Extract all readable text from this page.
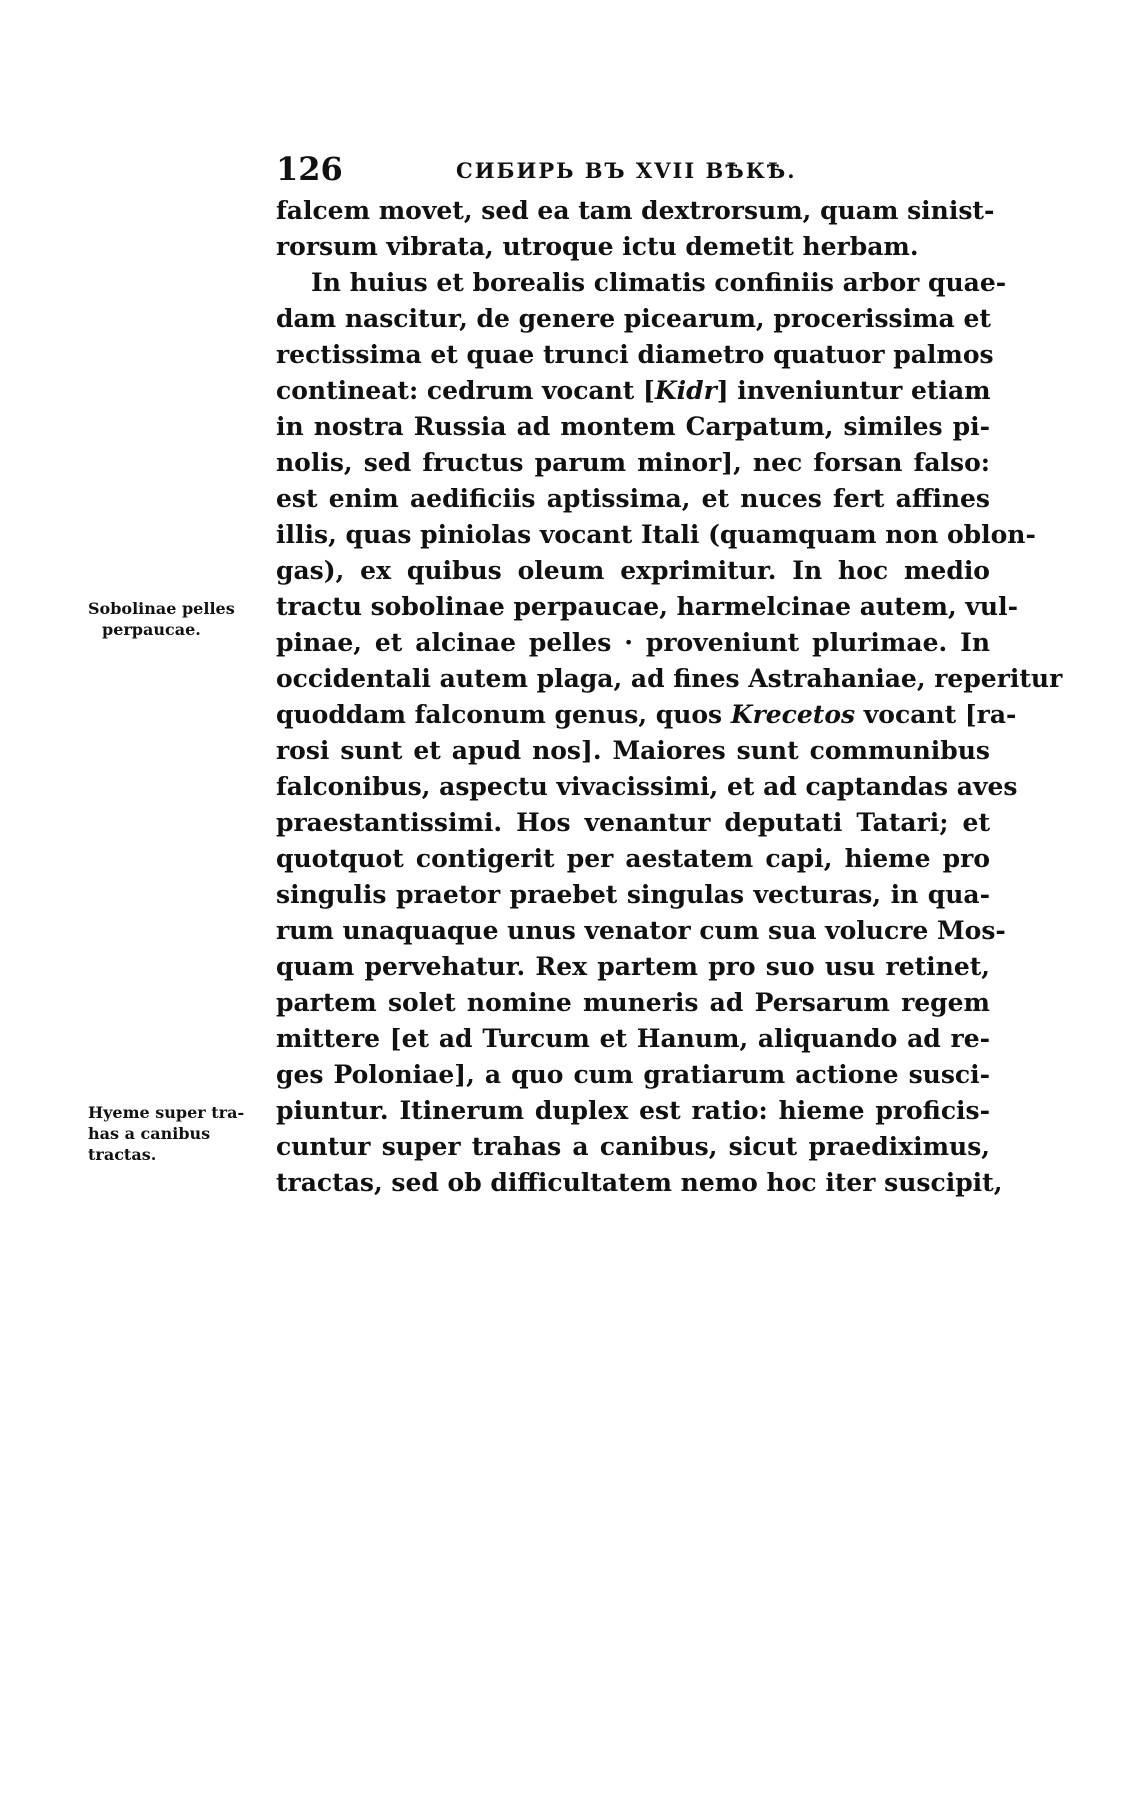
126	СИБИРЬ ВЪ XVII ВѢКѢ.
falcem movet, sed ea tam dextrorsum, quam sinist-
rorsum vibrata, utroque ictu demetit herbam.
In huius et borealis climatis confiniis arbor quae-
dam nascitur, de genere picearum, procerissima et
rectissima et quae trunci diametro quatuor palmos
contineat: cedrum vocant [Kidr] inveniuntur etiam
in nostra Russia ad montem Carpatum, similes pi-
nolis, sed fructus parum minor], nec forsan falso:
est enim aedificiis aptissima, et nuces fert affines
illis, quas piniolas vocant Itali (quamquam non oblon-
gas), ex quibus oleum exprimitur. In hoc medio
tractu sobolinae perpaucae, harmelcinae autem, vul-
pinae, et alcinae pelles · proveniunt plurimae. In
occidentali autem plaga, ad fines Astrahaniae, reperitur
quoddam falconum genus, quos Krecetos vocant [ra-
rosi sunt et apud nos]. Maiores sunt communibus
falconibus, aspectu vivacissimi, et ad captandas aves
praestantissimi. Hos venantur deputati Tatari; et
quotquot contigerit per aestatem capi, hieme pro
singulis praetor praebet singulas vecturas, in qua-
rum unaquaque unus venator cum sua volucre Mos-
quam pervehatur. Rex partem pro suo usu retinet,
partem solet nomine muneris ad Persarum regem
mittere [et ad Turcum et Hanum, aliquando ad re-
ges Poloniae], a quo cum gratiarum actione susci-
piuntur. Itinerum duplex est ratio: hieme proficis-
cuntur super trahas a canibus, sicut praediximus,
tractas, sed ob difficultatem nemo hoc iter suscipit,
Sobolinae pelles
perpaucae.
Hyeme super tra-
has a canibus
tractas.
